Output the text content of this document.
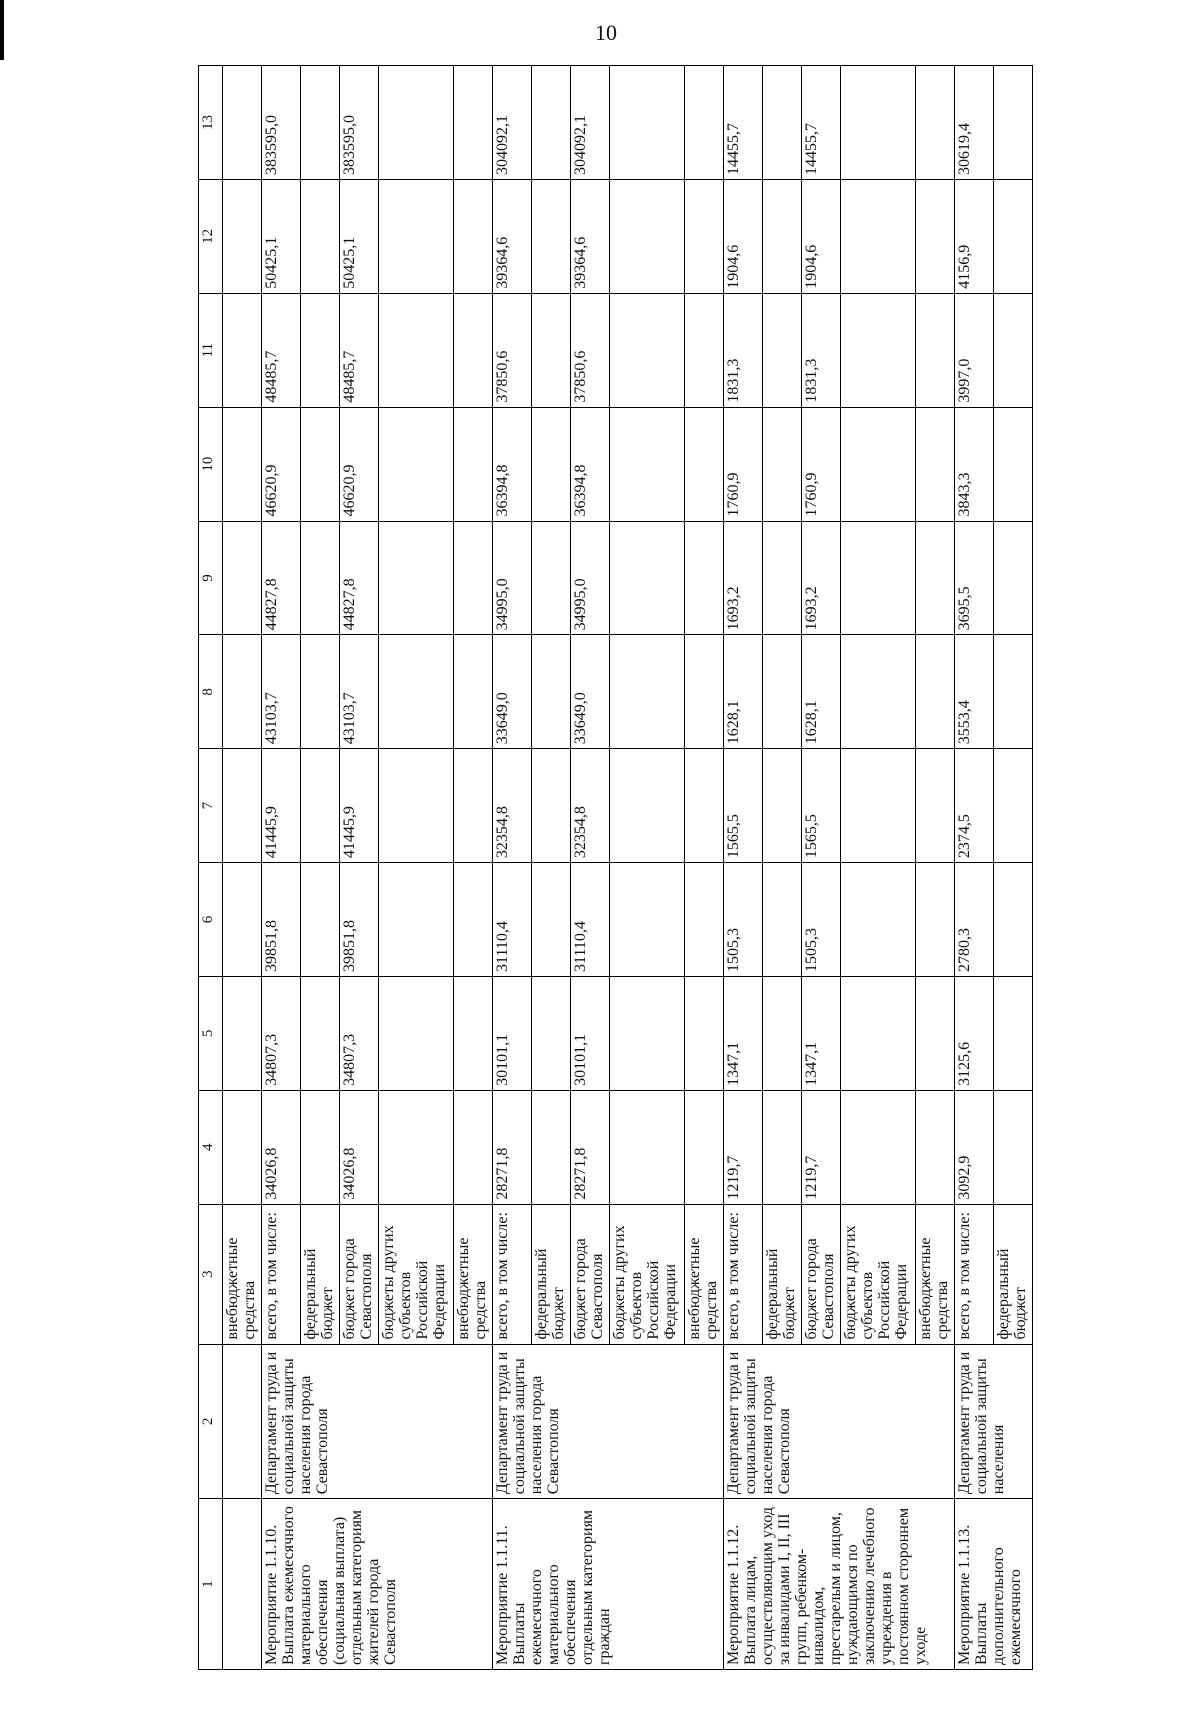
10
1	2	3	4	5	6	7	8	9	10	11	12	13
		внебюджетные средства										
Мероприятие 1.1.10. Выплата ежемесячного материального обеспечения (социальная выплата) отдельным категориям жителей города Севастополя	Департамент труда и социальной защиты населения города Севастополя	всего, в том числе:	34026,8	34807,3	39851,8	41445,9	43103,7	44827,8	46620,9	48485,7	50425,1	383595,0
		федеральный бюджет										
		бюджет города Севастополя	34026,8	34807,3	39851,8	41445,9	43103,7	44827,8	46620,9	48485,7	50425,1	383595,0
		бюджеты других субъектов Российской Федерации										
		внебюджетные средства										
Мероприятие 1.1.11. Выплаты ежемесячного материального обеспечения отдельным категориям граждан	Департамент труда и социальной защиты населения города Севастополя	всего, в том числе:	28271,8	30101,1	31110,4	32354,8	33649,0	34995,0	36394,8	37850,6	39364,6	304092,1
		федеральный бюджет										
		бюджет города Севастополя	28271,8	30101,1	31110,4	32354,8	33649,0	34995,0	36394,8	37850,6	39364,6	304092,1
		бюджеты других субъектов Российской Федерации										
		внебюджетные средства										
Мероприятие 1.1.12. Выплата лицам, осуществляющим уход за инвалидами I, II, III групп, ребенком-инвалидом, престарелым и лицом, нуждающимся по заключению лечебного учреждения в постоянном стороннем уходе	Департамент труда и социальной защиты населения города Севастополя	всего, в том числе:	1219,7	1347,1	1505,3	1565,5	1628,1	1693,2	1760,9	1831,3	1904,6	14455,7
		федеральный бюджет										
		бюджет города Севастополя	1219,7	1347,1	1505,3	1565,5	1628,1	1693,2	1760,9	1831,3	1904,6	14455,7
		бюджеты других субъектов Российской Федерации										
		внебюджетные средства										
Мероприятие 1.1.13. Выплаты дополнительного ежемесячного	Департамент труда и социальной защиты населения	всего, в том числе:	3092,9	3125,6	2780,3	2374,5	3553,4	3695,5	3843,3	3997,0	4156,9	30619,4
		федеральный бюджет										
